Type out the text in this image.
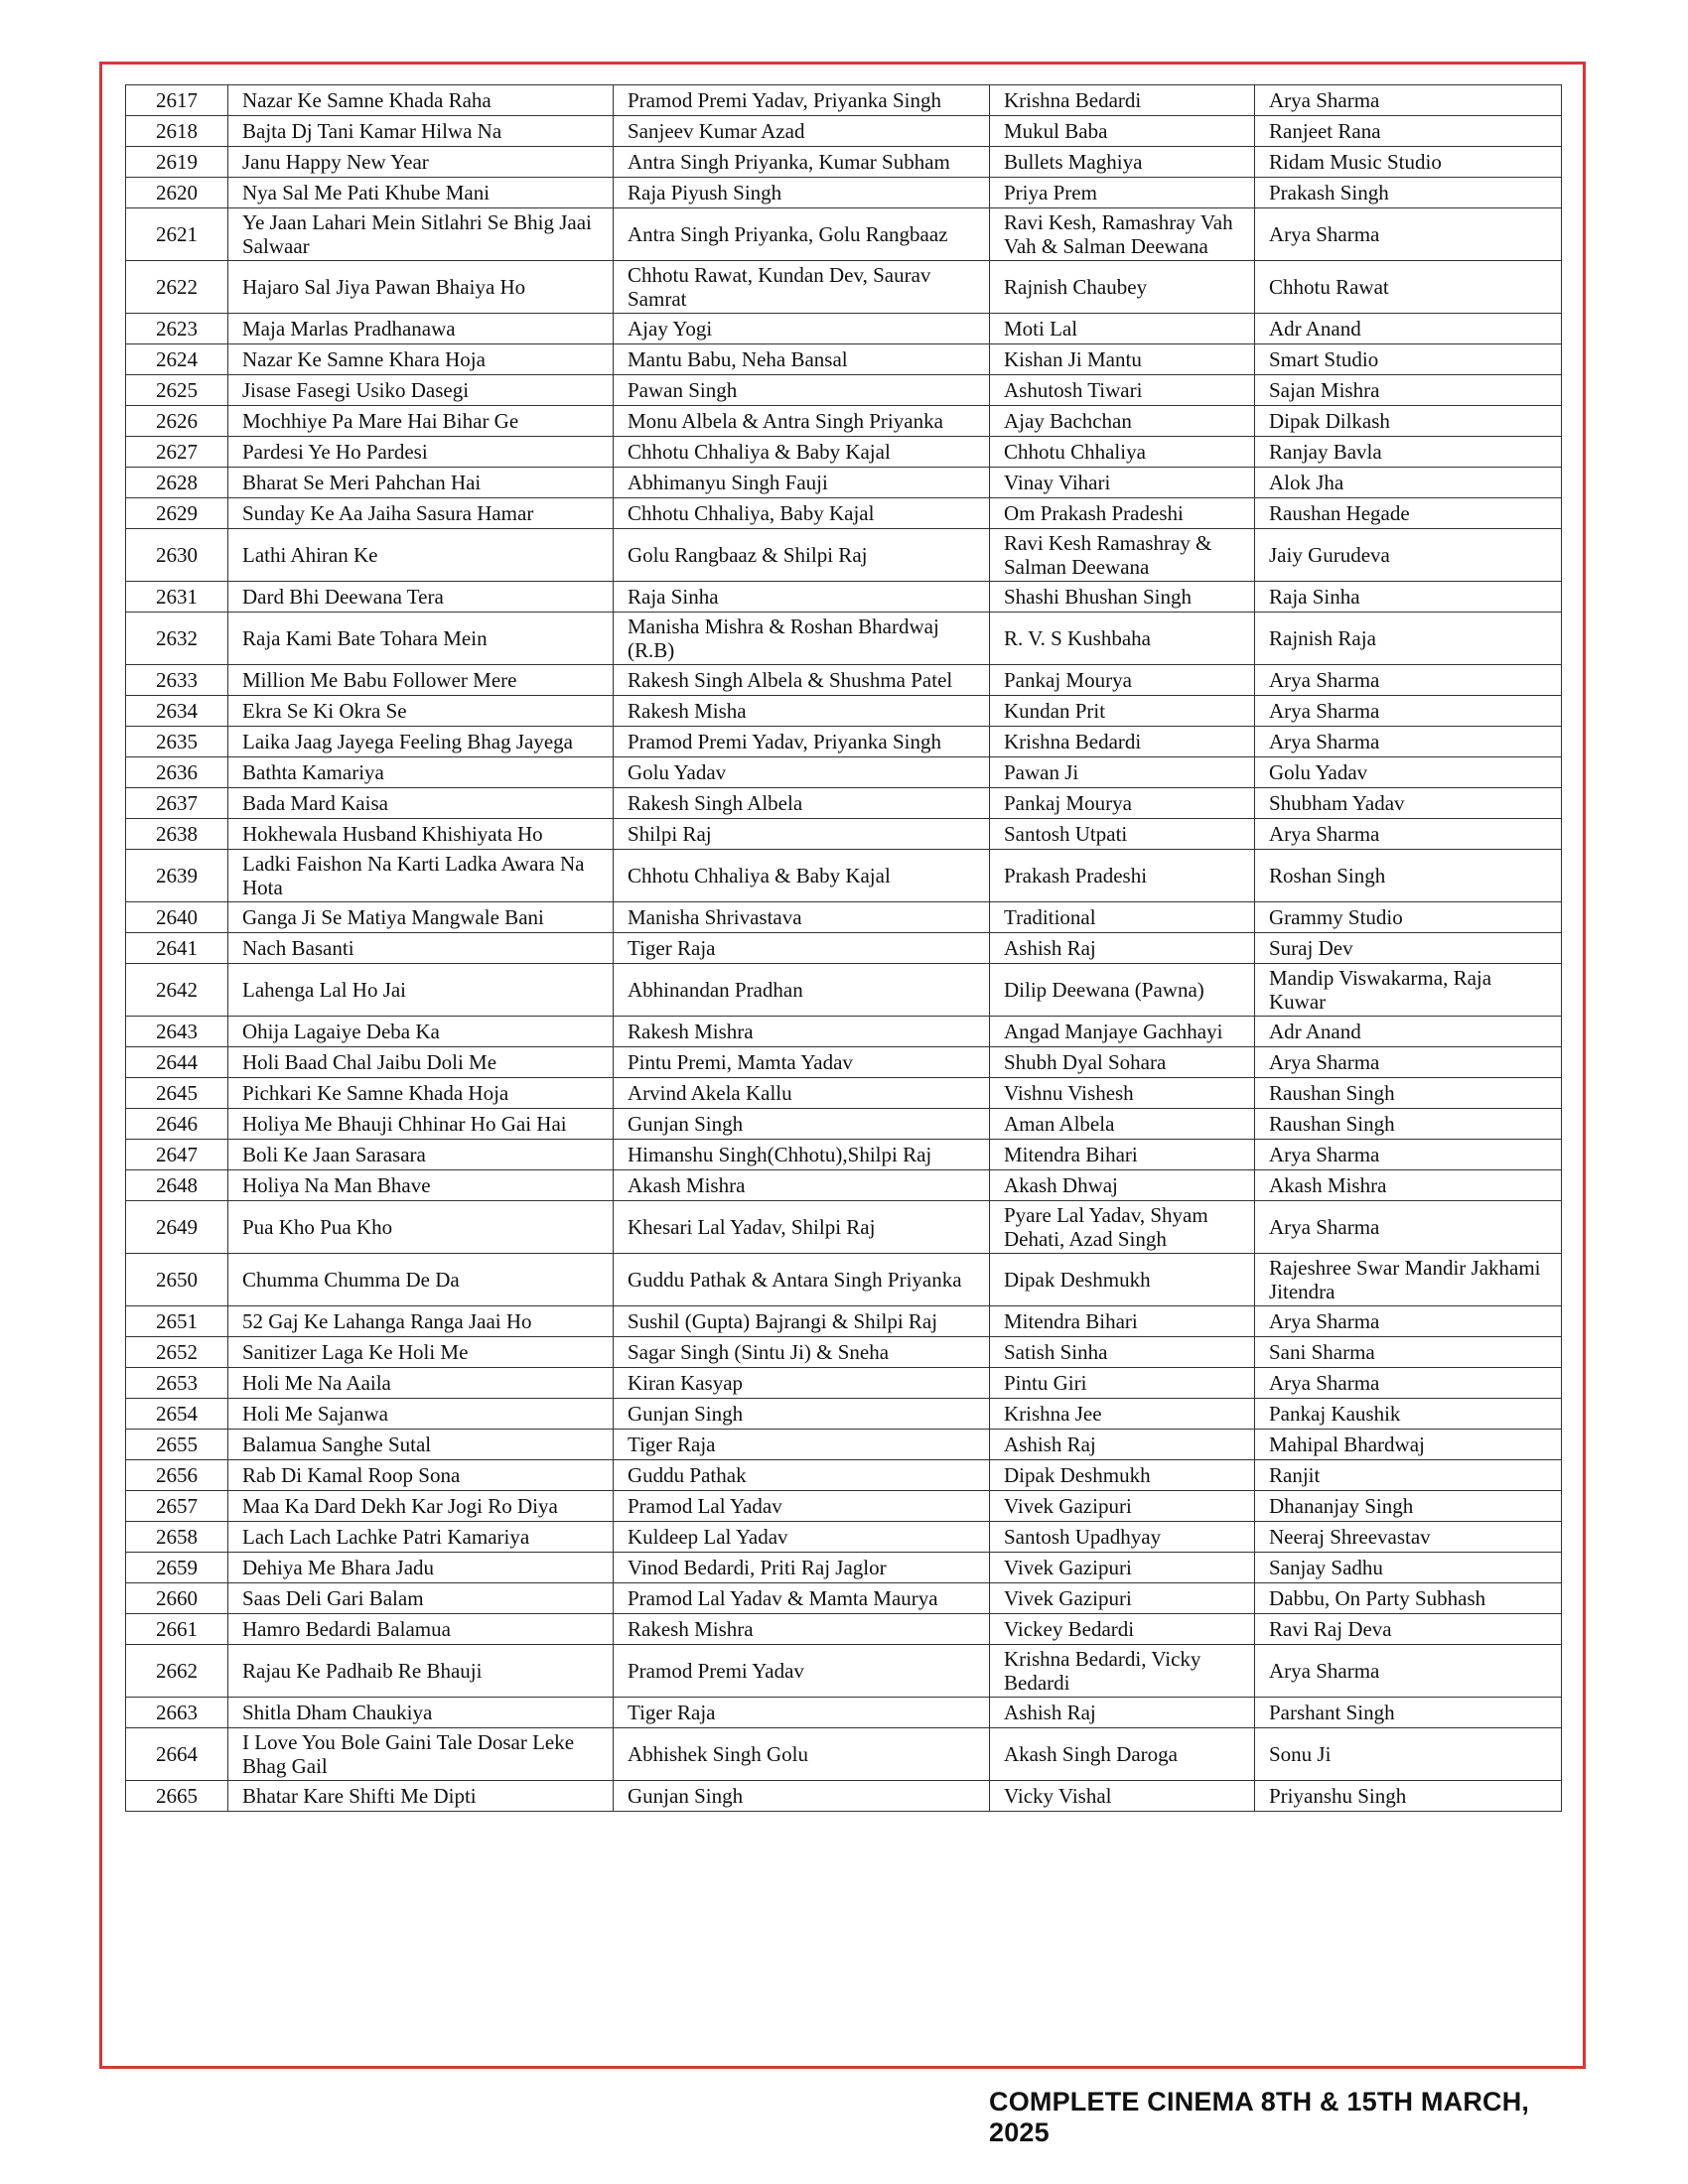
2617	Nazar Ke Samne Khada Raha	Pramod Premi Yadav, Priyanka Singh	Krishna Bedardi	Arya Sharma
2618	Bajta Dj Tani Kamar Hilwa Na	Sanjeev Kumar Azad	Mukul Baba	Ranjeet Rana
2619	Janu Happy New Year	Antra Singh Priyanka, Kumar Subham	Bullets Maghiya	Ridam Music Studio
2620	Nya Sal Me Pati Khube Mani	Raja Piyush Singh	Priya Prem	Prakash Singh
2621	Ye Jaan Lahari Mein Sitlahri Se Bhig Jaai Salwaar	Antra Singh Priyanka, Golu Rangbaaz	Ravi Kesh, Ramashray Vah Vah & Salman Deewana	Arya Sharma
2622	Hajaro Sal Jiya Pawan Bhaiya Ho	Chhotu Rawat, Kundan Dev, Saurav Samrat	Rajnish Chaubey	Chhotu Rawat
2623	Maja Marlas Pradhanawa	Ajay Yogi	Moti Lal	Adr Anand
2624	Nazar Ke Samne Khara Hoja	Mantu Babu, Neha Bansal	Kishan Ji Mantu	Smart Studio
2625	Jisase Fasegi Usiko Dasegi	Pawan Singh	Ashutosh Tiwari	Sajan Mishra
2626	Mochhiye Pa Mare Hai Bihar Ge	Monu Albela & Antra Singh Priyanka	Ajay Bachchan	Dipak Dilkash
2627	Pardesi Ye Ho Pardesi	Chhotu Chhaliya & Baby Kajal	Chhotu Chhaliya	Ranjay Bavla
2628	Bharat Se Meri Pahchan Hai	Abhimanyu Singh Fauji	Vinay Vihari	Alok Jha
2629	Sunday Ke Aa Jaiha Sasura Hamar	Chhotu Chhaliya, Baby Kajal	Om Prakash Pradeshi	Raushan Hegade
2630	Lathi Ahiran Ke	Golu Rangbaaz & Shilpi Raj	Ravi Kesh Ramashray & Salman Deewana	Jaiy Gurudeva
2631	Dard Bhi Deewana Tera	Raja Sinha	Shashi Bhushan Singh	Raja Sinha
2632	Raja Kami Bate Tohara Mein	Manisha Mishra & Roshan Bhardwaj (R.B)	R. V. S Kushbaha	Rajnish Raja
2633	Million Me Babu Follower Mere	Rakesh Singh Albela & Shushma Patel	Pankaj Mourya	Arya Sharma
2634	Ekra Se Ki Okra Se	Rakesh Misha	Kundan Prit	Arya Sharma
2635	Laika Jaag Jayega Feeling Bhag Jayega	Pramod Premi Yadav, Priyanka Singh	Krishna Bedardi	Arya Sharma
2636	Bathta Kamariya	Golu Yadav	Pawan Ji	Golu Yadav
2637	Bada Mard Kaisa	Rakesh Singh Albela	Pankaj Mourya	Shubham Yadav
2638	Hokhewala Husband Khishiyata Ho	Shilpi Raj	Santosh Utpati	Arya Sharma
2639	Ladki Faishon Na Karti Ladka Awara Na Hota	Chhotu Chhaliya & Baby Kajal	Prakash Pradeshi	Roshan Singh
2640	Ganga Ji Se Matiya Mangwale Bani	Manisha Shrivastava	Traditional	Grammy Studio
2641	Nach Basanti	Tiger Raja	Ashish Raj	Suraj Dev
2642	Lahenga Lal Ho Jai	Abhinandan Pradhan	Dilip Deewana (Pawna)	Mandip Viswakarma, Raja Kuwar
2643	Ohija Lagaiye Deba Ka	Rakesh Mishra	Angad Manjaye Gachhayi	Adr Anand
2644	Holi Baad Chal Jaibu Doli Me	Pintu Premi, Mamta Yadav	Shubh Dyal Sohara	Arya Sharma
2645	Pichkari Ke Samne Khada Hoja	Arvind Akela Kallu	Vishnu Vishesh	Raushan Singh
2646	Holiya Me Bhauji Chhinar Ho Gai Hai	Gunjan Singh	Aman Albela	Raushan Singh
2647	Boli Ke Jaan Sarasara	Himanshu Singh(Chhotu),Shilpi Raj	Mitendra Bihari	Arya Sharma
2648	Holiya Na Man Bhave	Akash Mishra	Akash Dhwaj	Akash Mishra
2649	Pua Kho Pua Kho	Khesari Lal Yadav, Shilpi Raj	Pyare Lal Yadav, Shyam Dehati, Azad Singh	Arya Sharma
2650	Chumma Chumma De Da	Guddu Pathak & Antara Singh Priyanka	Dipak Deshmukh	Rajeshree Swar Mandir Jakhami Jitendra
2651	52 Gaj Ke Lahanga Ranga Jaai Ho	Sushil (Gupta) Bajrangi & Shilpi Raj	Mitendra Bihari	Arya Sharma
2652	Sanitizer Laga Ke Holi Me	Sagar Singh (Sintu Ji) & Sneha	Satish Sinha	Sani Sharma
2653	Holi Me Na Aaila	Kiran Kasyap	Pintu Giri	Arya Sharma
2654	Holi Me Sajanwa	Gunjan Singh	Krishna Jee	Pankaj Kaushik
2655	Balamua Sanghe Sutal	Tiger Raja	Ashish Raj	Mahipal Bhardwaj
2656	Rab Di Kamal Roop Sona	Guddu Pathak	Dipak Deshmukh	Ranjit
2657	Maa Ka Dard Dekh Kar Jogi Ro Diya	Pramod Lal Yadav	Vivek Gazipuri	Dhananjay Singh
2658	Lach Lach Lachke Patri Kamariya	Kuldeep Lal Yadav	Santosh Upadhyay	Neeraj Shreevastav
2659	Dehiya Me Bhara Jadu	Vinod Bedardi, Priti Raj Jaglor	Vivek Gazipuri	Sanjay Sadhu
2660	Saas Deli Gari Balam	Pramod Lal Yadav & Mamta Maurya	Vivek Gazipuri	Dabbu, On Party Subhash
2661	Hamro Bedardi Balamua	Rakesh Mishra	Vickey Bedardi	Ravi Raj Deva
2662	Rajau Ke Padhaib Re Bhauji	Pramod Premi Yadav	Krishna Bedardi, Vicky Bedardi	Arya Sharma
2663	Shitla Dham Chaukiya	Tiger Raja	Ashish Raj	Parshant Singh
2664	I Love You Bole Gaini Tale Dosar Leke Bhag Gail	Abhishek Singh Golu	Akash Singh Daroga	Sonu Ji
2665	Bhatar Kare Shifti Me Dipti	Gunjan Singh	Vicky Vishal	Priyanshu Singh
COMPLETE CINEMA 8TH & 15TH MARCH, 2025
